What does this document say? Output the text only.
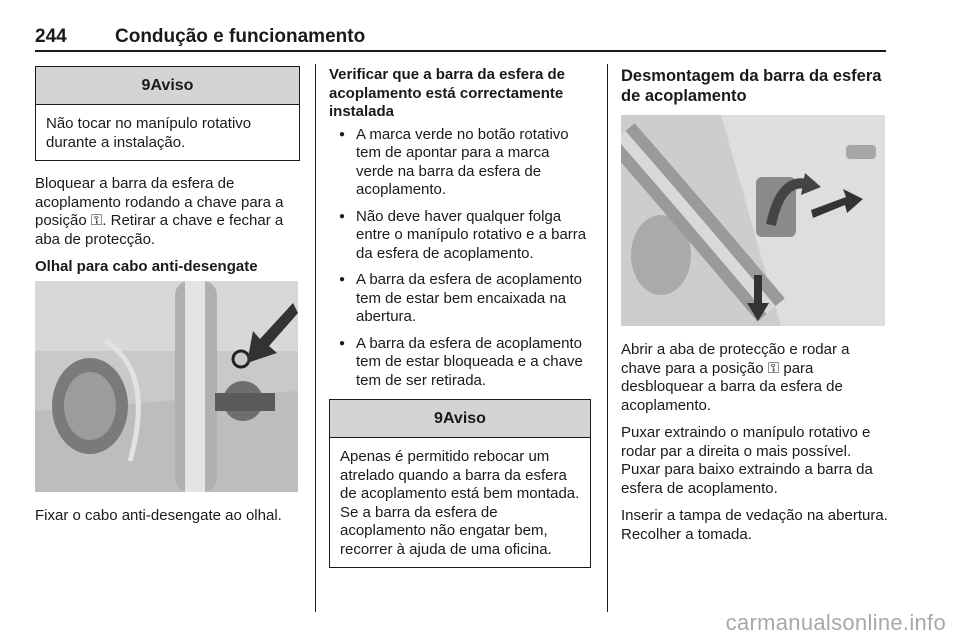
244	Condução e funcionamento
9Aviso
Não tocar no manípulo rotativo durante a instalação.

Bloquear a barra da esfera de acoplamento rodando a chave para a posição ⚿. Retirar a chave e fechar a aba de protecção.

Olhal para cabo anti-desengate

Fixar o cabo anti-desengate ao olhal.

Verificar que a barra da esfera de acoplamento está correctamente instalada

● A marca verde no botão rotativo tem de apontar para a marca verde na barra da esfera de acoplamento.
● Não deve haver qualquer folga entre o manípulo rotativo e a barra da esfera de acoplamento.
● A barra da esfera de acoplamento tem de estar bem encaixada na abertura.
● A barra da esfera de acoplamento tem de estar bloqueada e a chave tem de ser retirada.
9Aviso
Apenas é permitido rebocar um atrelado quando a barra da esfera de acoplamento está bem montada. Se a barra da esfera de acoplamento não engatar bem, recorrer à ajuda de uma oficina.

Desmontagem da barra da esfera de acoplamento

Abrir a aba de protecção e rodar a chave para a posição ⚿ para desbloquear a barra da esfera de acoplamento.

Puxar extraindo o manípulo rotativo e rodar par a direita o mais possível. Puxar para baixo extraindo a barra da esfera de acoplamento.

Inserir a tampa de vedação na abertura. Recolher a tomada.

carmanualsonline.info
